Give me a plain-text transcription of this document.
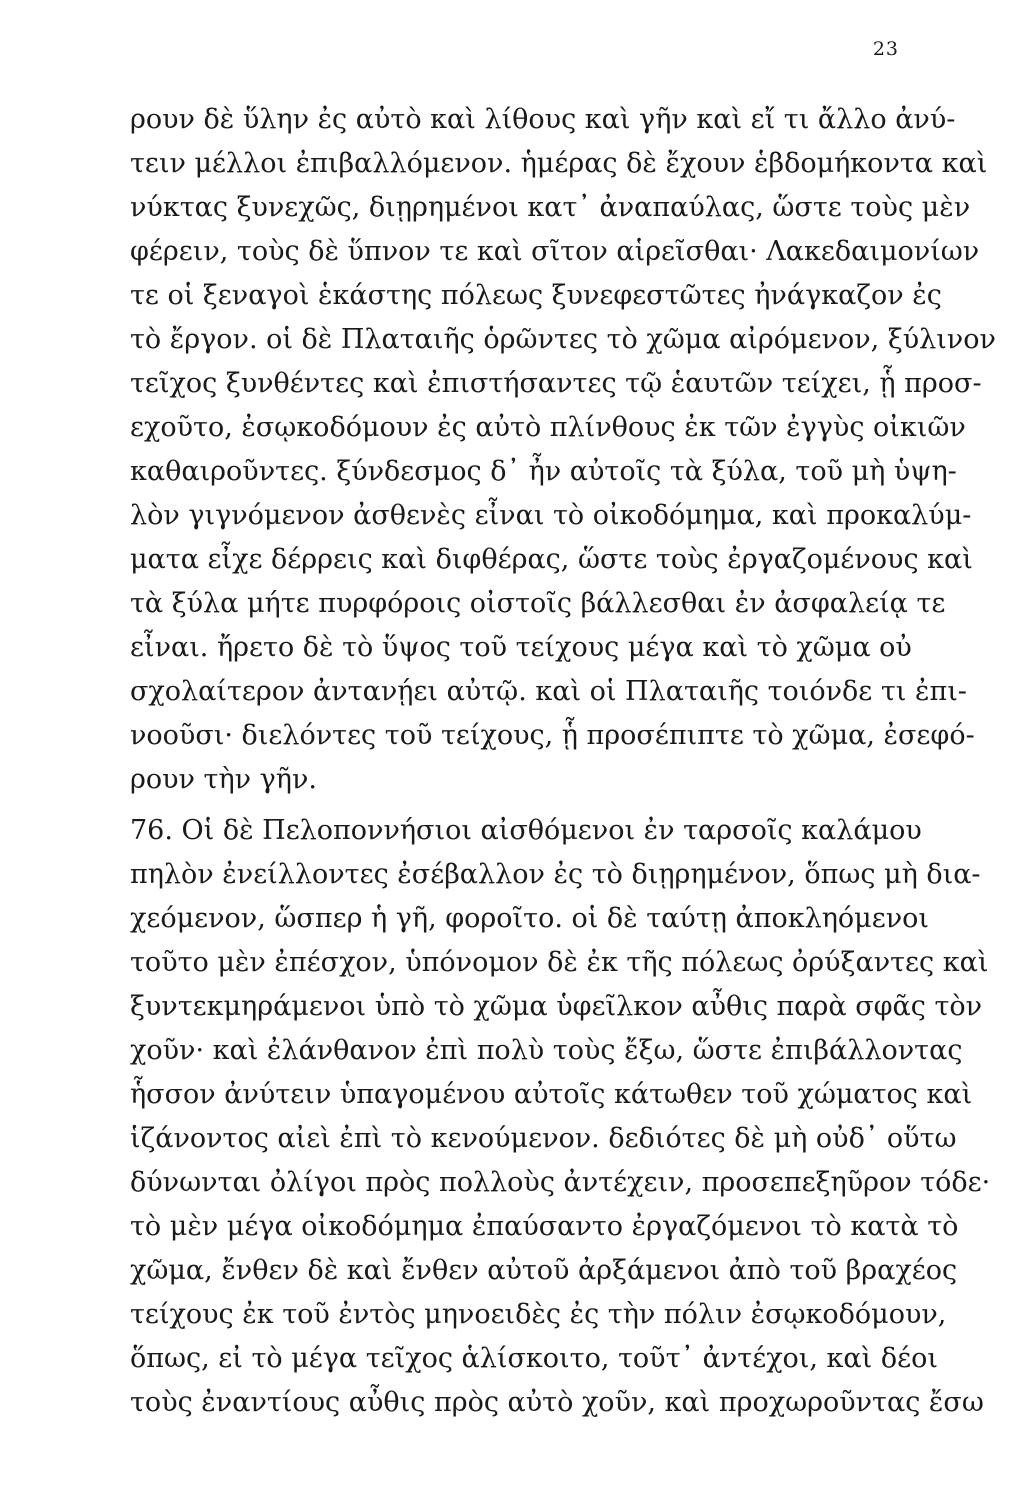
23
ρουν δὲ ὕλην ἐς αὐτὸ καὶ λίθους καὶ γῆν καὶ εἴ τι ἄλλο ἀνύ-
τειν μέλλοι ἐπιβαλλόμενον. ἡμέρας δὲ ἔχουν ἑβδομήκοντα καὶ
νύκτας ξυνεχῶς, διῃρημένοι κατ᾽ ἀναπαύλας, ὥστε τοὺς μὲν
φέρειν, τοὺς δὲ ὕπνον τε καὶ σῖτον αἱρεῖσθαι· Λακεδαιμονίων
τε οἱ ξεναγοὶ ἑκάστης πόλεως ξυνεφεστῶτες ἠνάγκαζον ἐς
τὸ ἔργον. οἱ δὲ Πλαταιῆς ὁρῶντες τὸ χῶμα αἰρόμενον, ξύλινον
τεῖχος ξυνθέντες καὶ ἐπιστήσαντες τῷ ἑαυτῶν τείχει, ᾗ προσ-
εχοῦτο, ἐσῳκοδόμουν ἐς αὐτὸ πλίνθους ἐκ τῶν ἐγγὺς οἰκιῶν
καθαιροῦντες. ξύνδεσμος δ᾽ ἦν αὐτοῖς τὰ ξύλα, τοῦ μὴ ὑψη-
λὸν γιγνόμενον ἀσθενὲς εἶναι τὸ οἰκοδόμημα, καὶ προκαλύμ-
ματα εἶχε δέρρεις καὶ διφθέρας, ὥστε τοὺς ἐργαζομένους καὶ
τὰ ξύλα μήτε πυρφόροις οἰστοῖς βάλλεσθαι ἐν ἀσφαλείᾳ τε
εἶναι. ἤρετο δὲ τὸ ὕψος τοῦ τείχους μέγα καὶ τὸ χῶμα οὐ
σχολαίτερον ἀντανῄει αὐτῷ. καὶ οἱ Πλαταιῆς τοιόνδε τι ἐπι-
νοοῦσι· διελόντες τοῦ τείχους, ᾗ προσέπιπτε τὸ χῶμα, ἐσεφό-
ρουν τὴν γῆν.
76. Οἱ δὲ Πελοποννήσιοι αἰσθόμενοι ἐν ταρσοῖς καλάμου
πηλὸν ἐνείλλοντες ἐσέβαλλον ἐς τὸ διῃρημένον, ὅπως μὴ δια-
χεόμενον, ὥσπερ ἡ γῆ, φοροῖτο. οἱ δὲ ταύτῃ ἀποκληόμενοι
τοῦτο μὲν ἐπέσχον, ὑπόνομον δὲ ἐκ τῆς πόλεως ὀρύξαντες καὶ
ξυντεκμηράμενοι ὑπὸ τὸ χῶμα ὑφεῖλκον αὖθις παρὰ σφᾶς τὸν
χοῦν· καὶ ἐλάνθανον ἐπὶ πολὺ τοὺς ἔξω, ὥστε ἐπιβάλλοντας
ἧσσον ἀνύτειν ὑπαγομένου αὐτοῖς κάτωθεν τοῦ χώματος καὶ
ἱζάνοντος αἰεὶ ἐπὶ τὸ κενούμενον. δεδιότες δὲ μὴ οὐδ᾽ οὕτω
δύνωνται ὀλίγοι πρὸς πολλοὺς ἀντέχειν, προσεπεξηῦρον τόδε·
τὸ μὲν μέγα οἰκοδόμημα ἐπαύσαντο ἐργαζόμενοι τὸ κατὰ τὸ
χῶμα, ἔνθεν δὲ καὶ ἔνθεν αὐτοῦ ἀρξάμενοι ἀπὸ τοῦ βραχέος
τείχους ἐκ τοῦ ἐντὸς μηνοειδὲς ἐς τὴν πόλιν ἐσῳκοδόμουν,
ὅπως, εἰ τὸ μέγα τεῖχος ἁλίσκοιτο, τοῦτ᾽ ἀντέχοι, καὶ δέοι
τοὺς ἐναντίους αὖθις πρὸς αὐτὸ χοῦν, καὶ προχωροῦντας ἔσω
